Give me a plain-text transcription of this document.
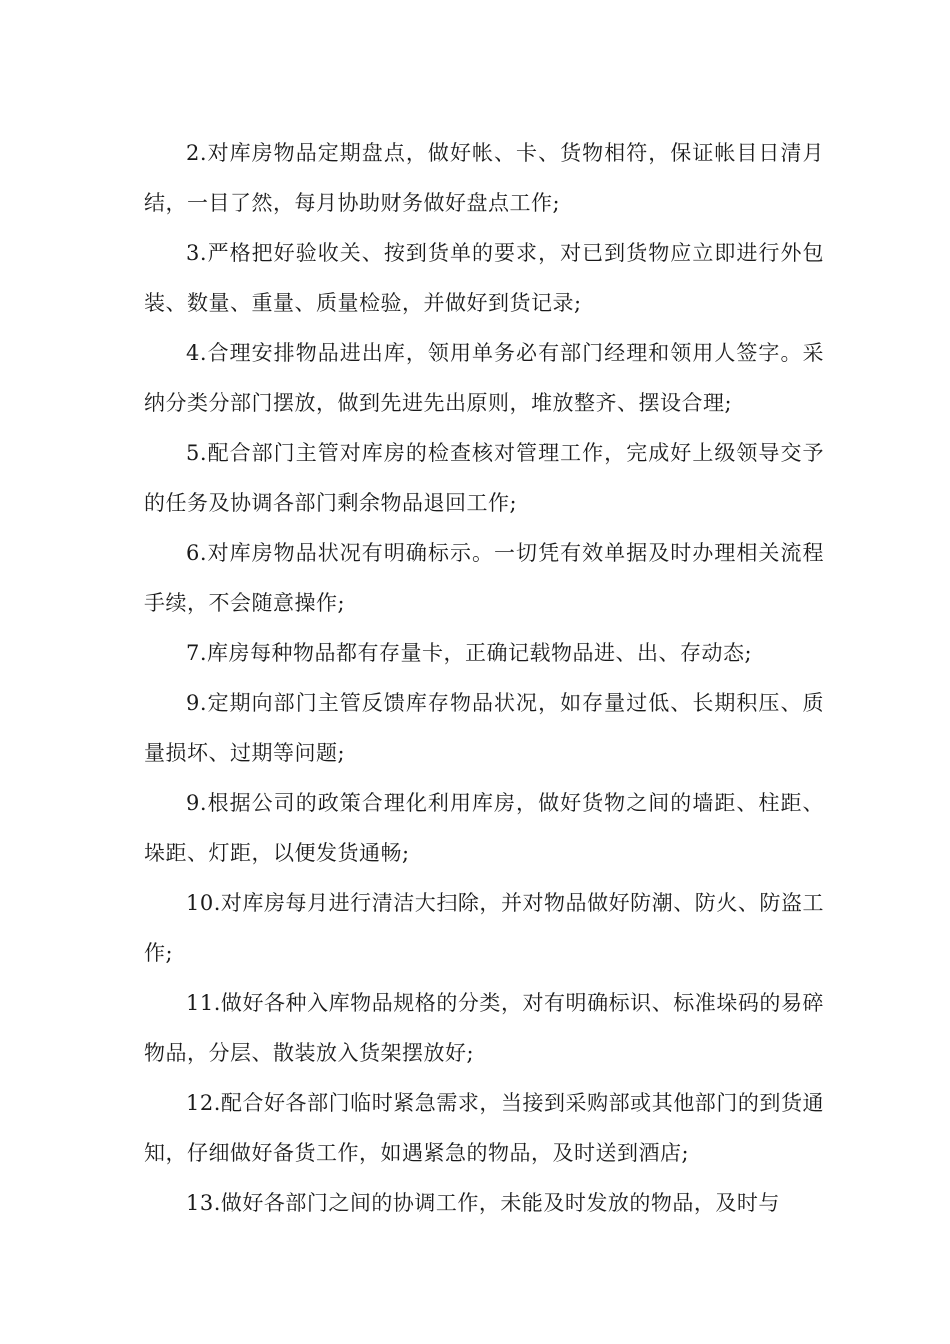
2.对库房物品定期盘点，做好帐、卡、货物相符，保证帐目日清月结，一目了然，每月协助财务做好盘点工作;

3.严格把好验收关、按到货单的要求，对已到货物应立即进行外包装、数量、重量、质量检验，并做好到货记录;

4.合理安排物品进出库，领用单务必有部门经理和领用人签字。采纳分类分部门摆放，做到先进先出原则，堆放整齐、摆设合理;

5.配合部门主管对库房的检查核对管理工作，完成好上级领导交予的任务及协调各部门剩余物品退回工作;

6.对库房物品状况有明确标示。一切凭有效单据及时办理相关流程手续，不会随意操作;

7.库房每种物品都有存量卡，正确记载物品进、出、存动态;

9.定期向部门主管反馈库存物品状况，如存量过低、长期积压、质量损坏、过期等问题;

9.根据公司的政策合理化利用库房，做好货物之间的墙距、柱距、垛距、灯距，以便发货通畅;

10.对库房每月进行清洁大扫除，并对物品做好防潮、防火、防盗工作;

11.做好各种入库物品规格的分类，对有明确标识、标准垛码的易碎物品，分层、散装放入货架摆放好;

12.配合好各部门临时紧急需求，当接到采购部或其他部门的到货通知，仔细做好备货工作，如遇紧急的物品，及时送到酒店;

13.做好各部门之间的协调工作，未能及时发放的物品，及时与
